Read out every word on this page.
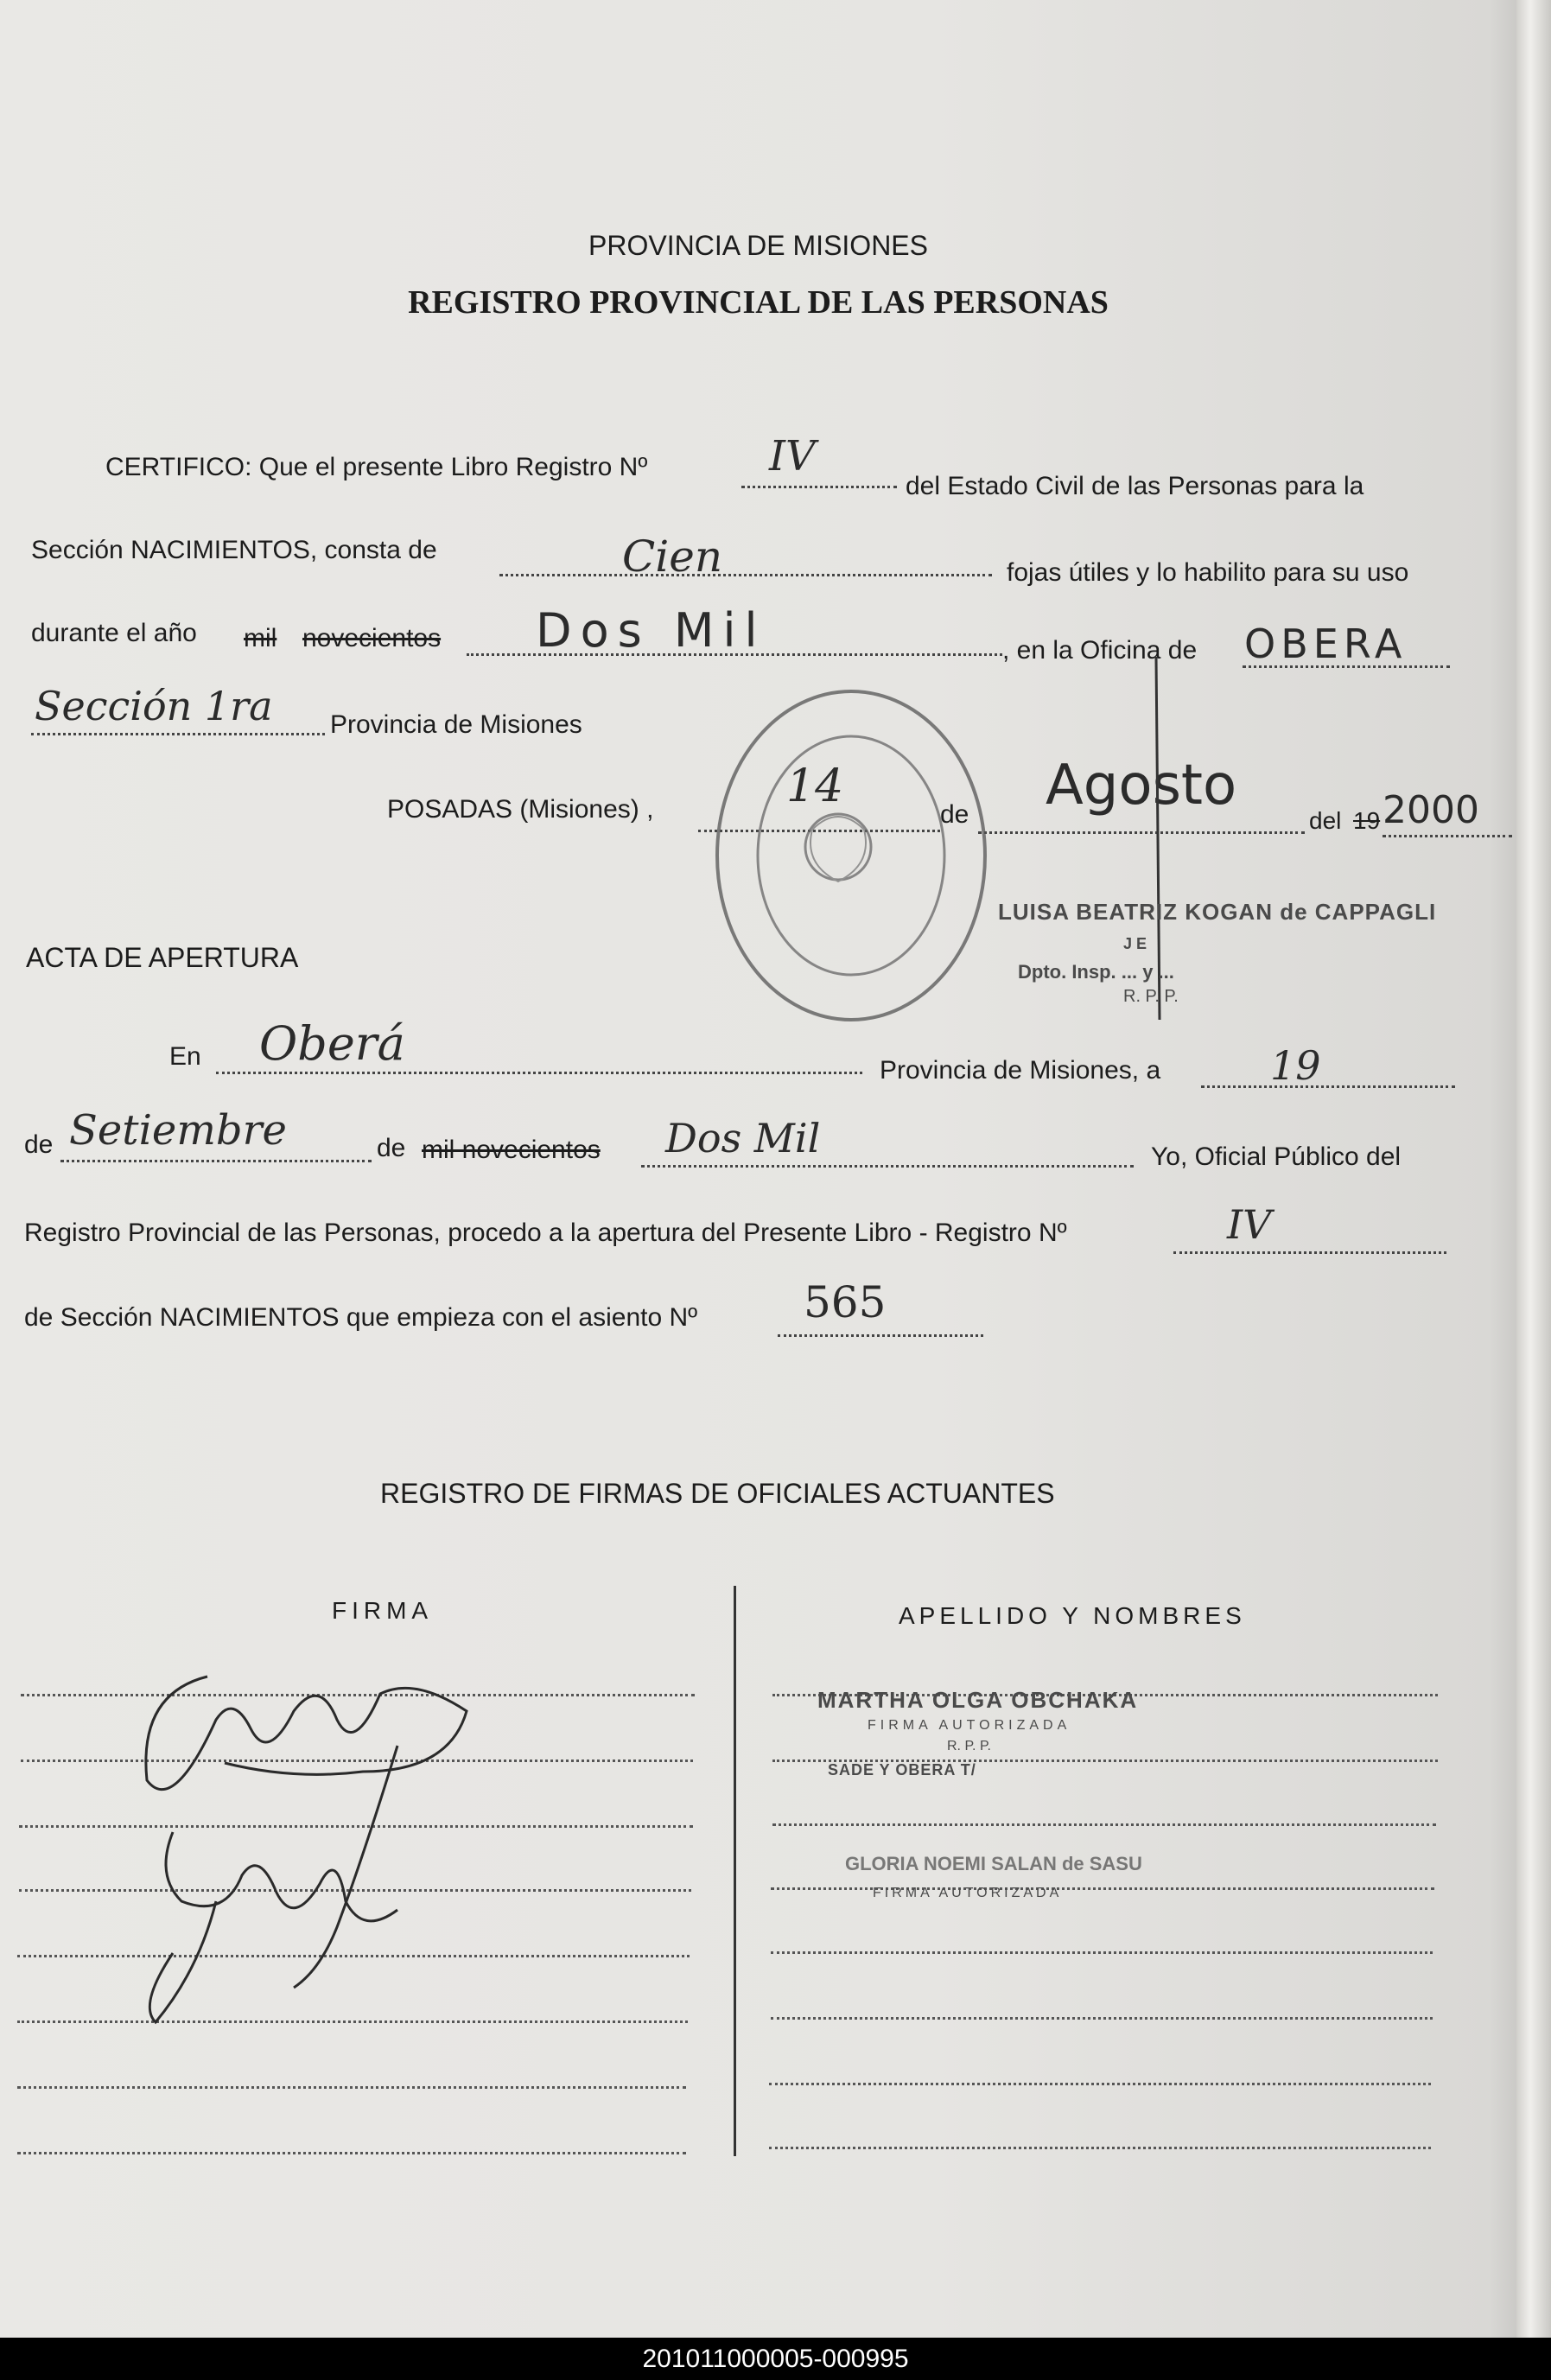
PROVINCIA DE MISIONES
REGISTRO PROVINCIAL DE LAS PERSONAS
CERTIFICO: Que el presente Libro Registro Nº	IV
del Estado Civil de las Personas para la
Sección NACIMIENTOS, consta de	Cien	fojas útiles y lo habilito para su uso
durante el año mil novecientos Dos Mil	, en la Oficina de OBERA
Sección 1ra Provincia de Misiones
POSADAS (Misiones) ,	14
de Agosto
del 19 2000
LUISA BEATRIZ KOGAN de CAPPAGLI
J E
Dpto. Insp. ... y ...
R. P. P.
ACTA DE APERTURA
En Oberá	Provincia de Misiones, a	19
de Setiembre	de mil novecientos Dos Mil	Yo, Oficial Público del
Registro Provincial de las Personas, procedo a la apertura del Presente Libro - Registro Nº	IV
de Sección NACIMIENTOS que empieza con el asiento Nº 565
REGISTRO DE FIRMAS DE OFICIALES ACTUANTES
FIRMA	APELLIDO Y NOMBRES
MARTHA OLGA OBCHAKA
FIRMA AUTORIZADA
R. P. P.
SADE Y OBERA T/
GLORIA NOEMI SALAN de SASU
FIRMA AUTORIZADA
201011000005-000995
